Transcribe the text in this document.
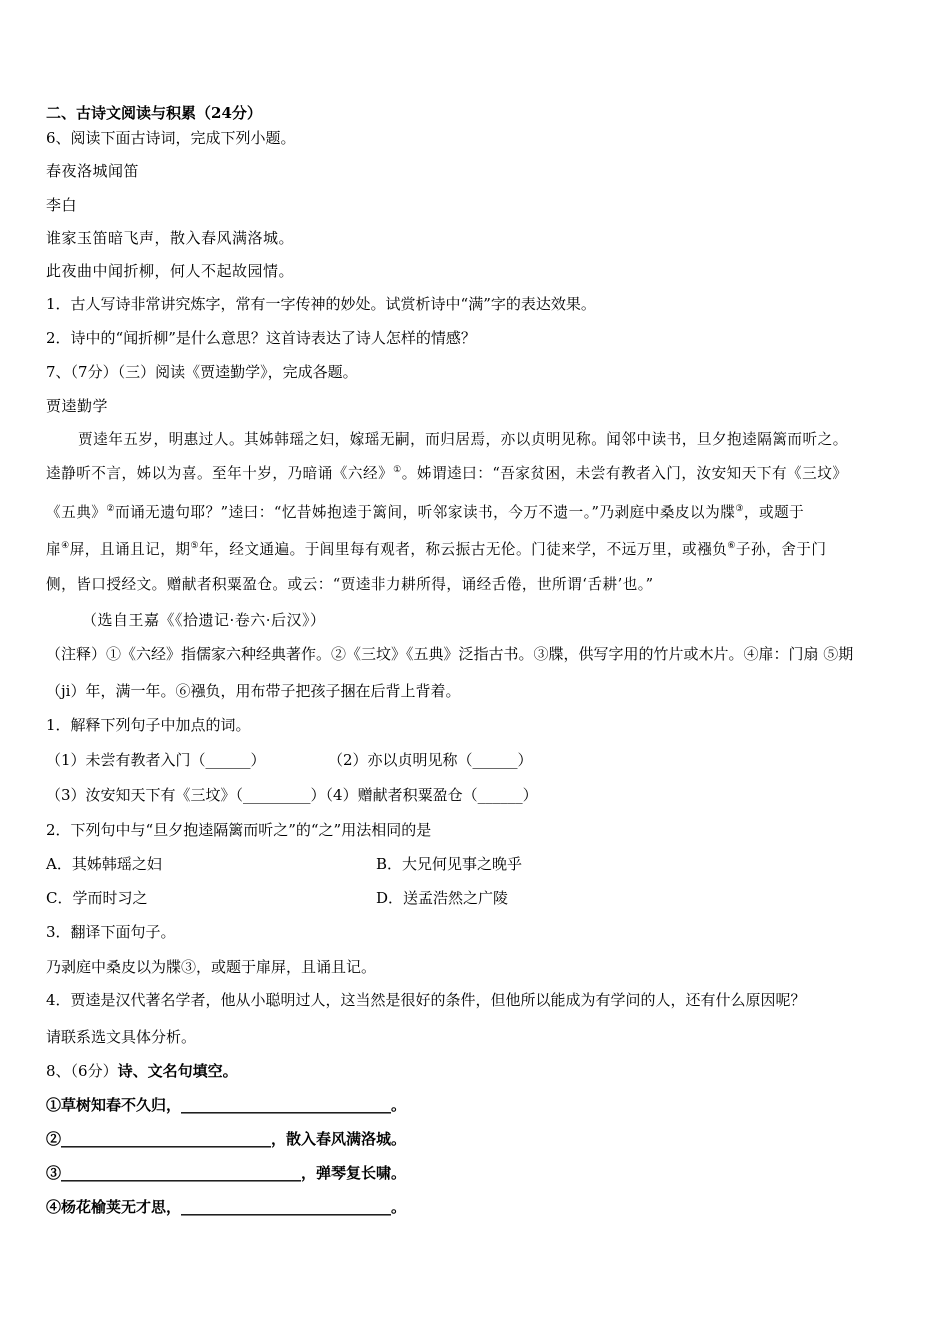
二、古诗文阅读与积累（24分）
6、阅读下面古诗词，完成下列小题。
春夜洛城闻笛
李白
谁家玉笛暗飞声，散入春风满洛城。
此夜曲中闻折柳，何人不起故园情。
1．古人写诗非常讲究炼字，常有一字传神的妙处。试赏析诗中“满”字的表达效果。
2．诗中的“闻折柳”是什么意思？这首诗表达了诗人怎样的情感？
7、（7分）（三）阅读《贾逵勤学》，完成各题。
贾逵勤学
贾逵年五岁，明惠过人。其姊韩瑶之妇，嫁瑶无嗣，而归居焉，亦以贞明见称。闻邻中读书，旦夕抱逵隔篱而听之。
逵静听不言，姊以为喜。至年十岁，乃暗诵《六经》①。姊谓逵曰：“吾家贫困，未尝有教者入门，汝安知天下有《三坟》
《五典》②而诵无遗句耶？”逵曰：“忆昔姊抱逵于篱间，听邻家读书，今万不遗一。”乃剥庭中桑皮以为牒③，或题于
扉④屏，且诵且记，期⑤年，经文通遍。于闾里每有观者，称云振古无伦。门徒来学，不远万里，或襁负⑥子孙，舍于门
侧，皆口授经文。赠献者积粟盈仓。或云：“贾逵非力耕所得，诵经舌倦，世所谓‘舌耕’也。”
（选自王嘉《《拾遗记·卷六·后汉》）
（注释）①《六经》指儒家六种经典著作。②《三坟》《五典》泛指古书。③牒，供写字用的竹片或木片。④扉：门扇 ⑤期
（ji）年，满一年。⑥襁负，用布带子把孩子捆在后背上背着。
1．解释下列句子中加点的词。
（1）未尝有教者入门（______）	（2）亦以贞明见称（______）
（3）汝安知天下有《三坟》（_________）（4）赠献者积粟盈仓（______）
2．下列句中与“旦夕抱逵隔篱而听之”的“之”用法相同的是
A．其姊韩瑶之妇	B．大兄何见事之晚乎
C．学而时习之	D．送孟浩然之广陵
3．翻译下面句子。
乃剥庭中桑皮以为牒③，或题于扉屏，且诵且记。
4．贾逵是汉代著名学者，他从小聪明过人，这当然是很好的条件，但他所以能成为有学问的人，还有什么原因呢？
请联系选文具体分析。
8、（6分）诗、文名句填空。
①草树知春不久归，____________________________。
②____________________________，散入春风满洛城。
③________________________________，弹琴复长啸。
④杨花榆荚无才思，____________________________。
